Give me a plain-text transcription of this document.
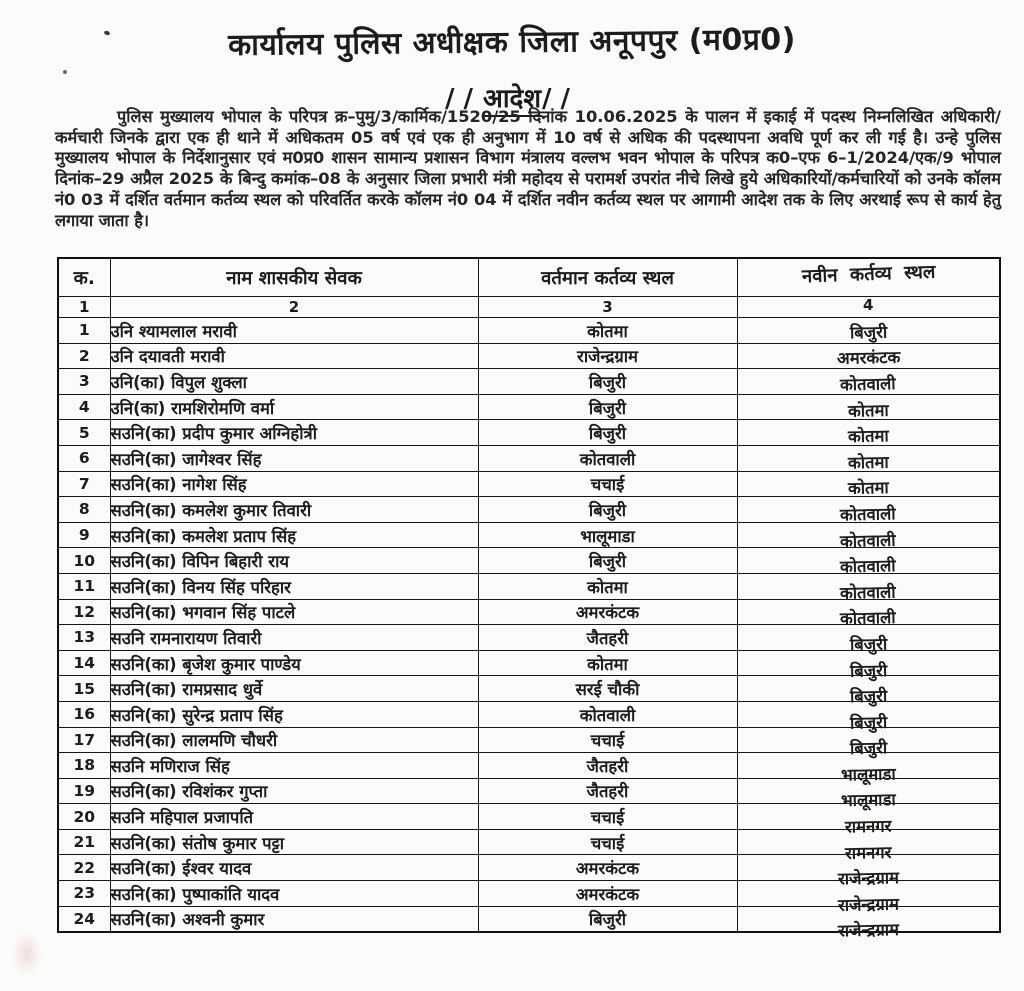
कार्यालय पुलिस अधीक्षक जिला अनूपपुर (म0प्र0)
//आदेश//

पुलिस मुख्यालय भोपाल के परिपत्र क्र–पुमु/3/कार्मिक/1520/25 दिनांक 10.06.2025 के पालन में इकाई में पदस्थ निम्नलिखित अधिकारी/कर्मचारी जिनके द्वारा एक ही थाने में अधिकतम 05 वर्ष एवं एक ही अनुभाग में 10 वर्ष से अधिक की पदस्थापना अवधि पूर्ण कर ली गई है। उन्हे पुलिस मुख्यालय भोपाल के निर्देशानुसार एवं म0प्र0 शासन सामान्य प्रशासन विभाग मंत्रालय वल्लभ भवन भोपाल के परिपत्र क0–एफ 6–1/2024/एक/9 भोपाल दिनांक–29 अप्रैल 2025 के बिन्दु कमांक–08 के अनुसार जिला प्रभारी मंत्री महोदय से परामर्श उपरांत नीचे लिखे हुये अधिकारियों/कर्मचारियों को उनके कॉलम नं0 03 में दर्शित वर्तमान कर्तव्य स्थल को परिवर्तित करके कॉलम नं0 04 में दर्शित नवीन कर्तव्य स्थल पर आगामी आदेश तक के लिए अरथाई रूप से कार्य हेतु लगाया जाता है।

क.	नाम शासकीय सेवक	वर्तमान कर्तव्य स्थल	नवीन कर्तव्य स्थल
1	2	3	4
1	उनि श्यामलाल मरावी	कोतमा	बिजुरी
2	उनि दयावती मरावी	राजेन्द्रग्राम	अमरकंटक
3	उनि(का) विपुल शुक्ला	बिजुरी	कोतवाली
4	उनि(का) रामशिरोमणि वर्मा	बिजुरी	कोतमा
5	सउनि(का) प्रदीप कुमार अग्निहोत्री	बिजुरी	कोतमा
6	सउनि(का) जागेश्वर सिंह	कोतवाली	कोतमा
7	सउनि(का) नागेश सिंह	चचाई	कोतमा
8	सउनि(का) कमलेश कुमार तिवारी	बिजुरी	कोतवाली
9	सउनि(का) कमलेश प्रताप सिंह	भालूमाडा	कोतवाली
10	सउनि(का) विपिन बिहारी राय	बिजुरी	कोतवाली
11	सउनि(का) विनय सिंह परिहार	कोतमा	कोतवाली
12	सउनि(का) भगवान सिंह पाटले	अमरकंटक	कोतवाली
13	सउनि रामनारायण तिवारी	जैतहरी	बिजुरी
14	सउनि(का) बृजेश कुमार पाण्डेय	कोतमा	बिजुरी
15	सउनि(का) रामप्रसाद धुर्वे	सरई चौकी	बिजुरी
16	सउनि(का) सुरेन्द्र प्रताप सिंह	कोतवाली	बिजुरी
17	सउनि(का) लालमणि चौधरी	चचाई	बिजुरी
18	सउनि मणिराज सिंह	जैतहरी	भालूमाडा
19	सउनि(का) रविशंकर गुप्ता	जैतहरी	भालूमाडा
20	सउनि महिपाल प्रजापति	चचाई	रामनगर
21	सउनि(का) संतोष कुमार पट्टा	चचाई	रामनगर
22	सउनि(का) ईश्वर यादव	अमरकंटक	राजेन्द्रग्राम
23	सउनि(का) पुष्पाकांति यादव	अमरकंटक	राजेन्द्रग्राम
24	सउनि(का) अश्वनी कुमार	बिजुरी	राजेन्द्रग्राम
